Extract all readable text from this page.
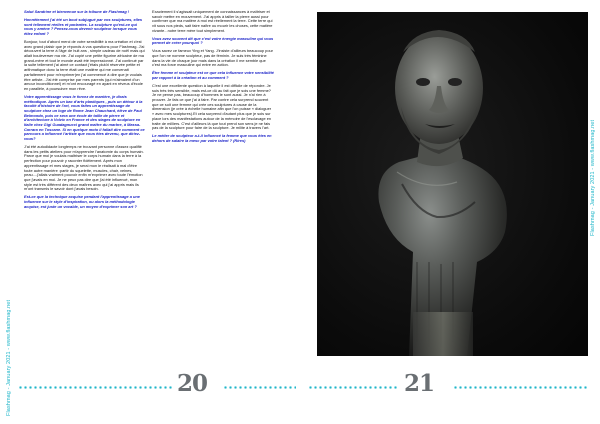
Flashmag - January 2021 - www.flashmag.net

Salut Sandrine et bienvenue sur la tribune de Flashmag !

Honnêtement j'ai été un bout subjugué par vos sculptures, elles sont tellement réelles et parlantes. La sculpture qu'est-ce qui vous y amène ? Pensez-vous devenir sculpteur lorsque vous étiez enfant ?

Bonjour, tout d'abord merci de votre sensibilité à ma création et c'est avec grand plaisir que je réponds à vos questions pour Flashmag. J'ai découvert la terre à l'âge de huit ans , simple cadeau de noël mais qui allait bouleverser ma vie. J'ai copié une petite figurine africaine de ma grand-mère et tout le monde avait été impressionné. J'ai continué par la suite tellement j'ai aimé ce contact j'étais plutôt réservée petite et arithmatique donc la terre était une matière qui me convenait parfaitement pour m'exprimer(en j'ai commencé à dire que je voulais être artiste.. J'ai été comprise par mes parents (qui m'aimaient d'un amour inconditionnel) et m'ont encouragé en ayant en réveus d'école en parallèle, à poursuivre mon rêve.

Votre apprentissage vous le forcez de manière, je dirais méthodique. Après un bac d'arts plastiques , puis un détour à la faculté d'histoire de l'art, vous faites un apprentissage de sculpture chez un loge de Rome Jean Chauchard, élève de Paul Belmondo, puis ce sera une école de taille de pierre et d'architecture à Volvic en France et des stages de sculpture en Italie chez Gigi Guadagnucci grand maître du marbre, à Massa-Carrara en Toscane. Si en quelque moto il fallait dire comment ce parcours a influencé l'artiste que vous êtes devenu, que diriez-vous?

J'ai été autodidacte longtemps ne trouvant personne d'assez qualifié dans les petits ateliers pour m'apprendre l'anatomie du corps humain. Parce que moi je voulais maîtriser le corps humain dans la terre à la perfection pour pouvoir y raconter fidèlement. Après mon apprentissage et mes stages, je serai mon le réalisait à mal d'être toute autre manière :partir du squelette, muscles, chair, veines, peau....j'allais vraiment pouvoir enfin m'exprimer avec toute l'émotion que j'avais en moi. Je ne peux pas dire que j'ai été influencé, mon style est très différent des deux maîtres avec qui j'ai appris mais ils m'ont transmis le savoir dont j'avais besoin.

Est-ce que la technique acquise pendant l'apprentissage a une influence sur le style d'inspiration, ou alors la méthodologie acquise, est juste un vocable, un moyen d'exprimer son art ?

Exactement il s'agissait uniquement de connaissances à maîtriser et savoir mettre en mouvement. J'ai appris à tailler la pierre aussi pour confirmer que ma matière à moi est réellement la terre. Cette terre qui vit sous nos pieds, sait faire naître ou mourir les choses, cette matière vivante...notre terre mère tout simplement.

Vous avez souvent dit que c'est votre énergie masculine qui vous permet de créer pourquoi ?

Vous savez ce fameux Ying et Yang. J'insiste d'ailleurs beaucoup pour que l'on ne nomme sculpteur, pas de féminin. Je suis très féminine dans la vie de chaque jour mais dans la création il me semble que c'est ma force masculine qui entre en action.

Être femme et sculpteur est ce que cela influence votre sensibilité par rapport à la création et au comment ?

C'est une excellente question à laquelle il est difficile de répondre. Je suis très très sensible, mais est-ce dû au fait que je sois une femme? Je ne pense pas, beaucoup d'hommes le sont aussi. Je n'ai rien à prouver. Je fais ce que j'ai à faire. Par contre cela surprend souvent que ce soit une femme qui crée ces sculptures à cause de la dimension (je crée à échelle humaine afin que l'on puisse « dialoguer » avec mes sculptures).Et cela surprend d'autant plus que je sois sur place lors des manifestations autour de la mémoire de l'esclavage en traite de milliers. C'est d'ailleurs là que tout prend son sens je ne fais pas de la sculpture pour faire de la sculpture. Je milite à travers l'art.

Le métier de sculpteur a-t-il influencé la femme que vous êtes en dehors de salaire la mesc par votre talent ? (Rires)

20	21
Flashmag - January 2021 - www.flashmag.net
